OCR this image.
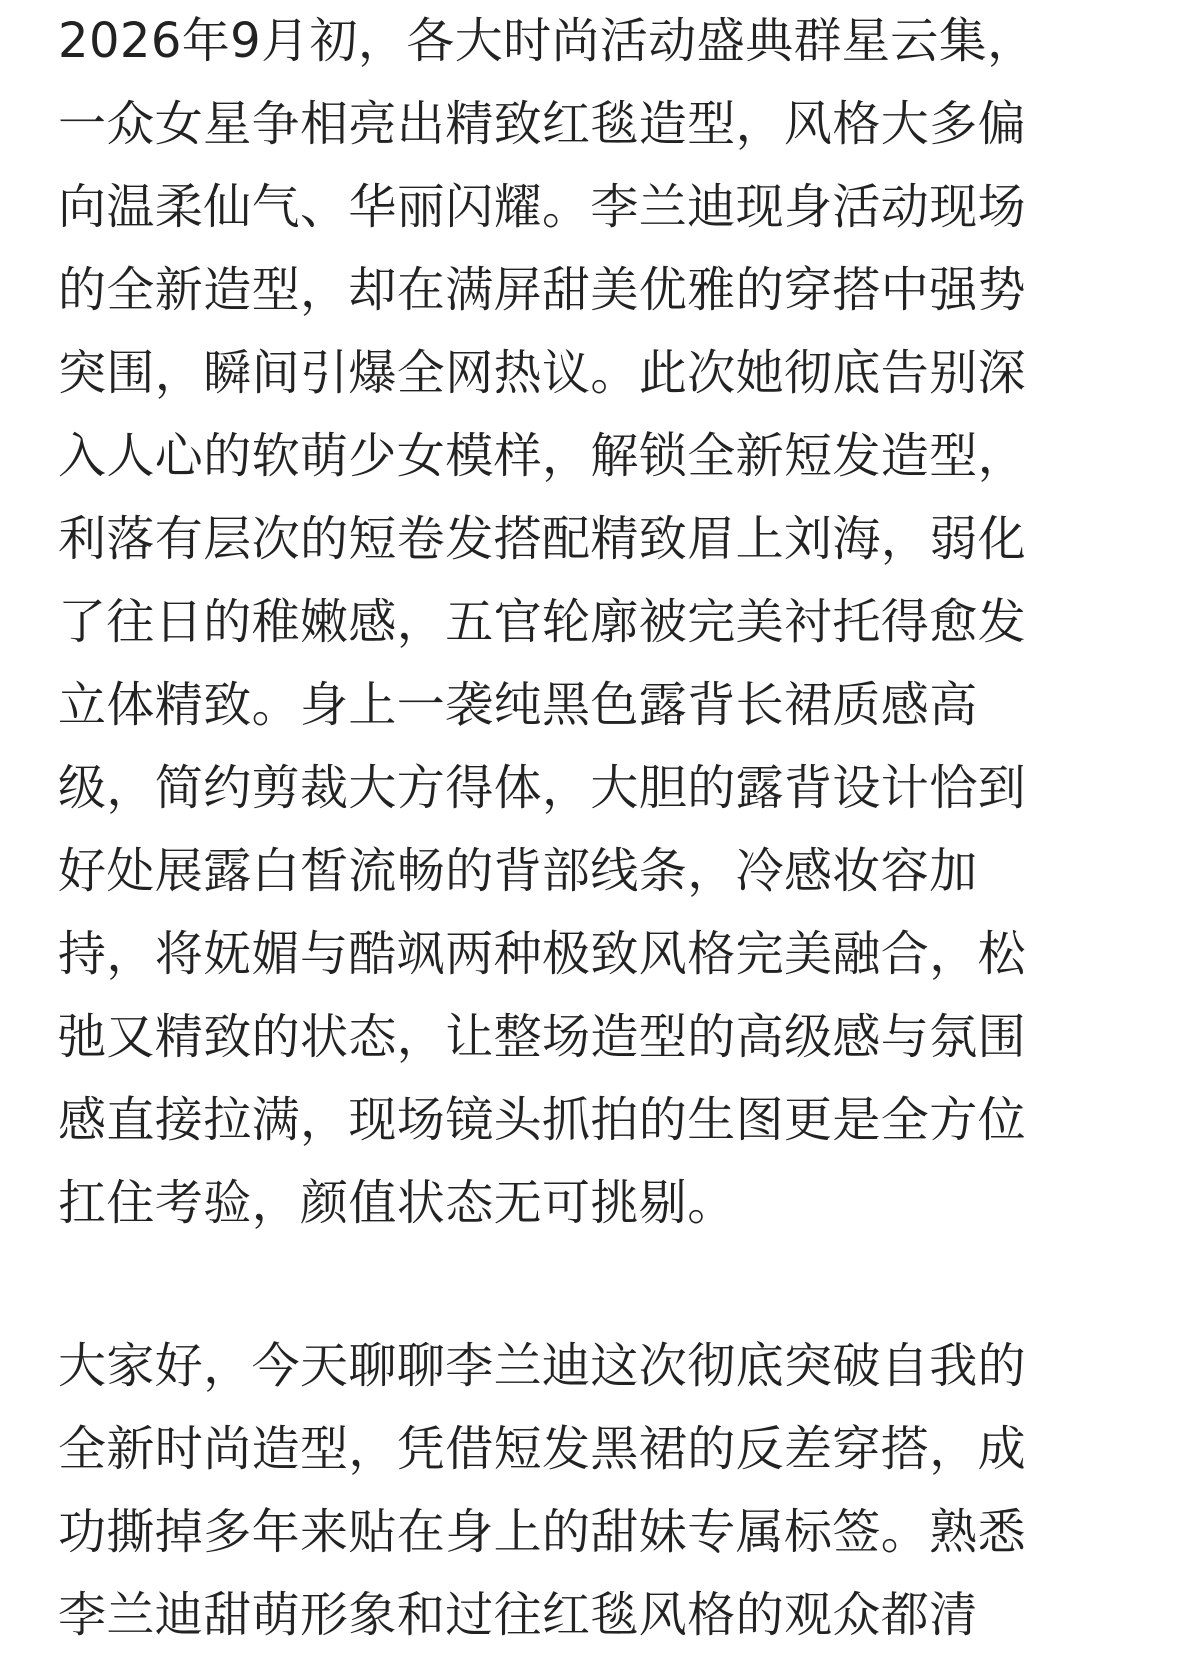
2026年9月初，各大时尚活动盛典群星云集，
一众女星争相亮出精致红毯造型，风格大多偏
向温柔仙气、华丽闪耀。李兰迪现身活动现场
的全新造型，却在满屏甜美优雅的穿搭中强势
突围，瞬间引爆全网热议。此次她彻底告别深
入人心的软萌少女模样，解锁全新短发造型，
利落有层次的短卷发搭配精致眉上刘海，弱化
了往日的稚嫩感，五官轮廓被完美衬托得愈发
立体精致。身上一袭纯黑色露背长裙质感高
级，简约剪裁大方得体，大胆的露背设计恰到
好处展露白皙流畅的背部线条，冷感妆容加
持，将妩媚与酷飒两种极致风格完美融合，松
弛又精致的状态，让整场造型的高级感与氛围
感直接拉满，现场镜头抓拍的生图更是全方位
扛住考验，颜值状态无可挑剔。
大家好，今天聊聊李兰迪这次彻底突破自我的
全新时尚造型，凭借短发黑裙的反差穿搭，成
功撕掉多年来贴在身上的甜妹专属标签。熟悉
李兰迪甜萌形象和过往红毯风格的观众都清
